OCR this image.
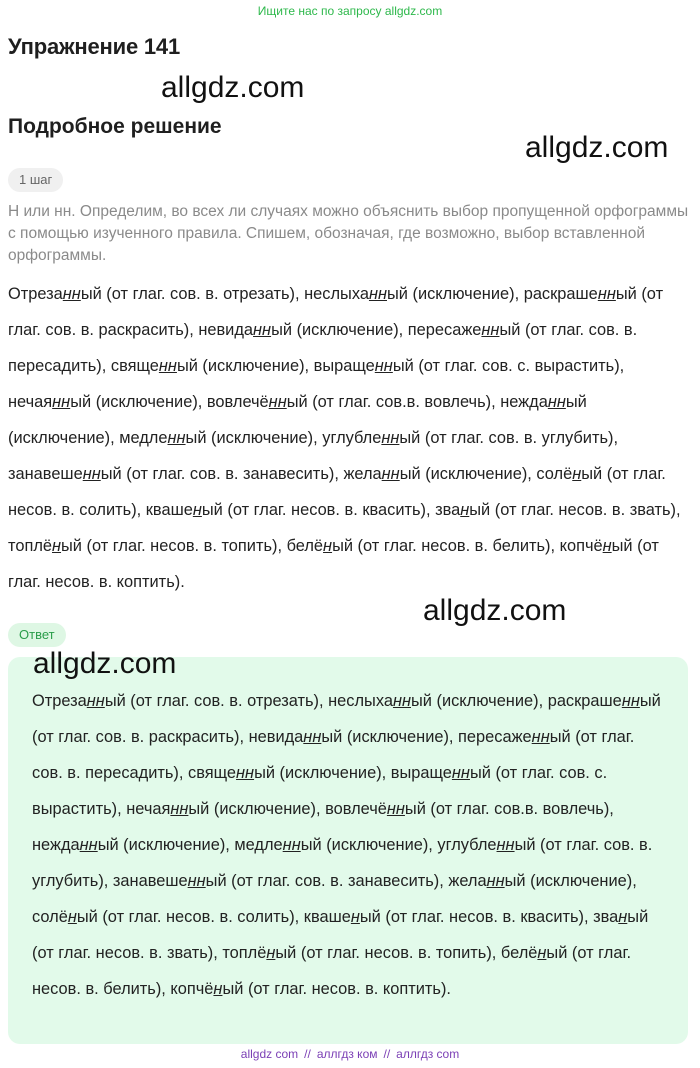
Ищите нас по запросу allgdz.com
Упражнение 141
allgdz.com
Подробное решение
allgdz.com
1 шаг

Н или нн. Определим, во всех ли случаях можно объяснить выбор пропущенной орфограммы с помощью изученного правила. Спишем, обозначая, где возможно, выбор вставленной орфограммы.

Отрезанный (от глаг. сов. в. отрезать), неслыханный (исключение), раскрашенный (от глаг. сов. в. раскрасить), невиданный (исключение), пересаженный (от глаг. сов. в. пересадить), священный (исключение), выращенный (от глаг. сов. с. вырастить), нечаянный (исключение), вовлечённый (от глаг. сов.в. вовлечь), нежданный (исключение), медленный (исключение), углубленный (от глаг. сов. в. углубить), занавешенный (от глаг. сов. в. занавесить), желанный (исключение), солёный (от глаг. несов. в. солить), квашеный (от глаг. несов. в. квасить), званый (от глаг. несов. в. звать), топлёный (от глаг. несов. в. топить), белёный (от глаг. несов. в. белить), копчёный (от глаг. несов. в. коптить).

allgdz.com
Ответ

Отрезанный (от глаг. сов. в. отрезать), неслыханный (исключение), раскрашенный (от глаг. сов. в. раскрасить), невиданный (исключение), пересаженный (от глаг. сов. в. пересадить), священный (исключение), выращенный (от глаг. сов. с. вырастить), нечаянный (исключение), вовлечённый (от глаг. сов.в. вовлечь), нежданный (исключение), медленный (исключение), углубленный (от глаг. сов. в. углубить), занавешенный (от глаг. сов. в. занавесить), желанный (исключение), солёный (от глаг. несов. в. солить), квашеный (от глаг. несов. в. квасить), званый (от глаг. несов. в. звать), топлёный (от глаг. несов. в. топить), белёный (от глаг. несов. в. белить), копчёный (от глаг. несов. в. коптить).

allgdz.com
allgdz com // аллгдз ком // аллгдз com
